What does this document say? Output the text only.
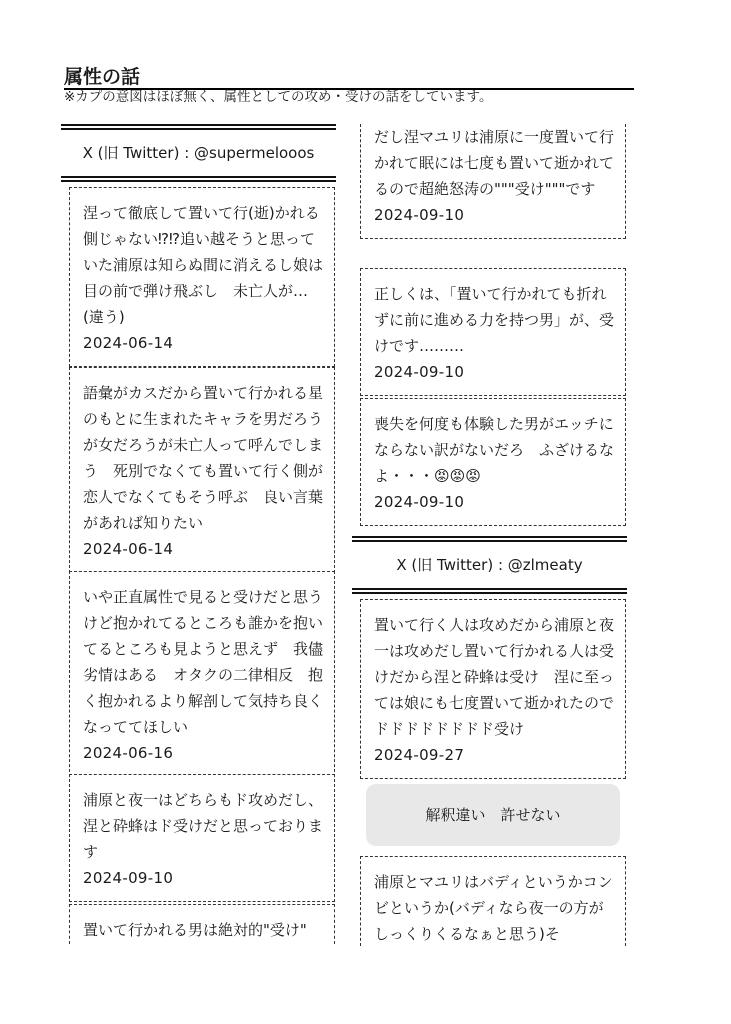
属性の話
※カプの意図はほぼ無く、属性としての攻め・受けの話をしています。
X (旧 Twitter) : @supermelooos
涅って徹底して置いて行(逝)かれる側じゃない⁉⁉追い越そうと思っていた浦原は知らぬ間に消えるし娘は目の前で弾け飛ぶし　未亡人が…(違う)
2024-06-14
語彙がカスだから置いて行かれる星のもとに生まれたキャラを男だろうが女だろうが未亡人って呼んでしまう　死別でなくても置いて行く側が恋人でなくてもそう呼ぶ　良い言葉があれば知りたい
2024-06-14
いや正直属性で見ると受けだと思うけど抱かれてるところも誰かを抱いてるところも見ようと思えず　我儘　劣情はある　オタクの二律相反　抱く抱かれるより解剖して気持ち良くなっててほしい
2024-06-16
浦原と夜一はどちらもド攻めだし、涅と砕蜂はド受けだと思っております
2024-09-10
置いて行かれる男は絶対的"受け"
だし涅マユリは浦原に一度置いて行かれて眠には七度も置いて逝かれてるので超絶怒涛の"""受け"""です
2024-09-10
正しくは、「置いて行かれても折れずに前に進める力を持つ男」が、受けです………
2024-09-10
喪失を何度も体験した男がエッチにならない訳がないだろ　ふざけるなよ・・・😡😡😡
2024-09-10
X (旧 Twitter) : @zlmeaty
置いて行く人は攻めだから浦原と夜一は攻めだし置いて行かれる人は受けだから涅と砕蜂は受け　涅に至っては娘にも七度置いて逝かれたのでドドドドドドドド受け
2024-09-27
解釈違い　許せない
浦原とマユリはバディというかコンビというか(バディなら夜一の方がしっくりくるなぁと思う)そ
